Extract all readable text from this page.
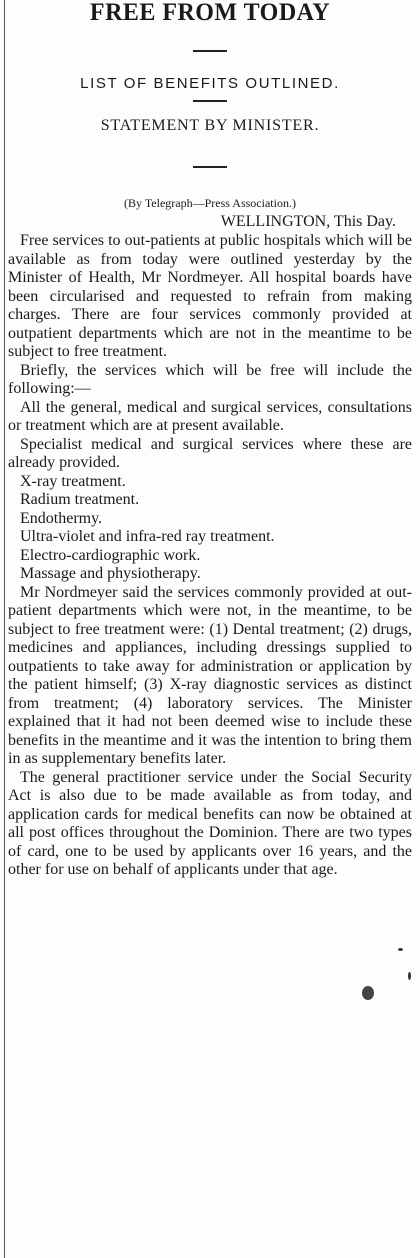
FREE FROM TODAY
LIST OF BENEFITS OUTLINED.
STATEMENT BY MINISTER.
(By Telegraph—Press Association.)
WELLINGTON, This Day.

Free services to out-patients at public hospitals which will be available as from today were outlined yesterday by the Minister of Health, Mr Nordmeyer. All hospital boards have been circularised and requested to refrain from making charges. There are four services commonly provided at outpatient departments which are not in the meantime to be subject to free treatment.

Briefly, the services which will be free will include the following:—

All the general, medical and surgical services, consultations or treatment which are at present available.

Specialist medical and surgical services where these are already provided.

X-ray treatment.

Radium treatment.

Endothermy.

Ultra-violet and infra-red ray treatment.

Electro-cardiographic work.

Massage and physiotherapy.

Mr Nordmeyer said the services commonly provided at out-patient departments which were not, in the meantime, to be subject to free treatment were: (1) Dental treatment; (2) drugs, medicines and appliances, including dressings supplied to outpatients to take away for administration or application by the patient himself; (3) X-ray diagnostic services as distinct from treatment; (4) laboratory services. The Minister explained that it had not been deemed wise to include these benefits in the meantime and it was the intention to bring them in as supplementary benefits later.

The general practitioner service under the Social Security Act is also due to be made available as from today, and application cards for medical benefits can now be obtained at all post offices throughout the Dominion. There are two types of card, one to be used by applicants over 16 years, and the other for use on behalf of applicants under that age.
